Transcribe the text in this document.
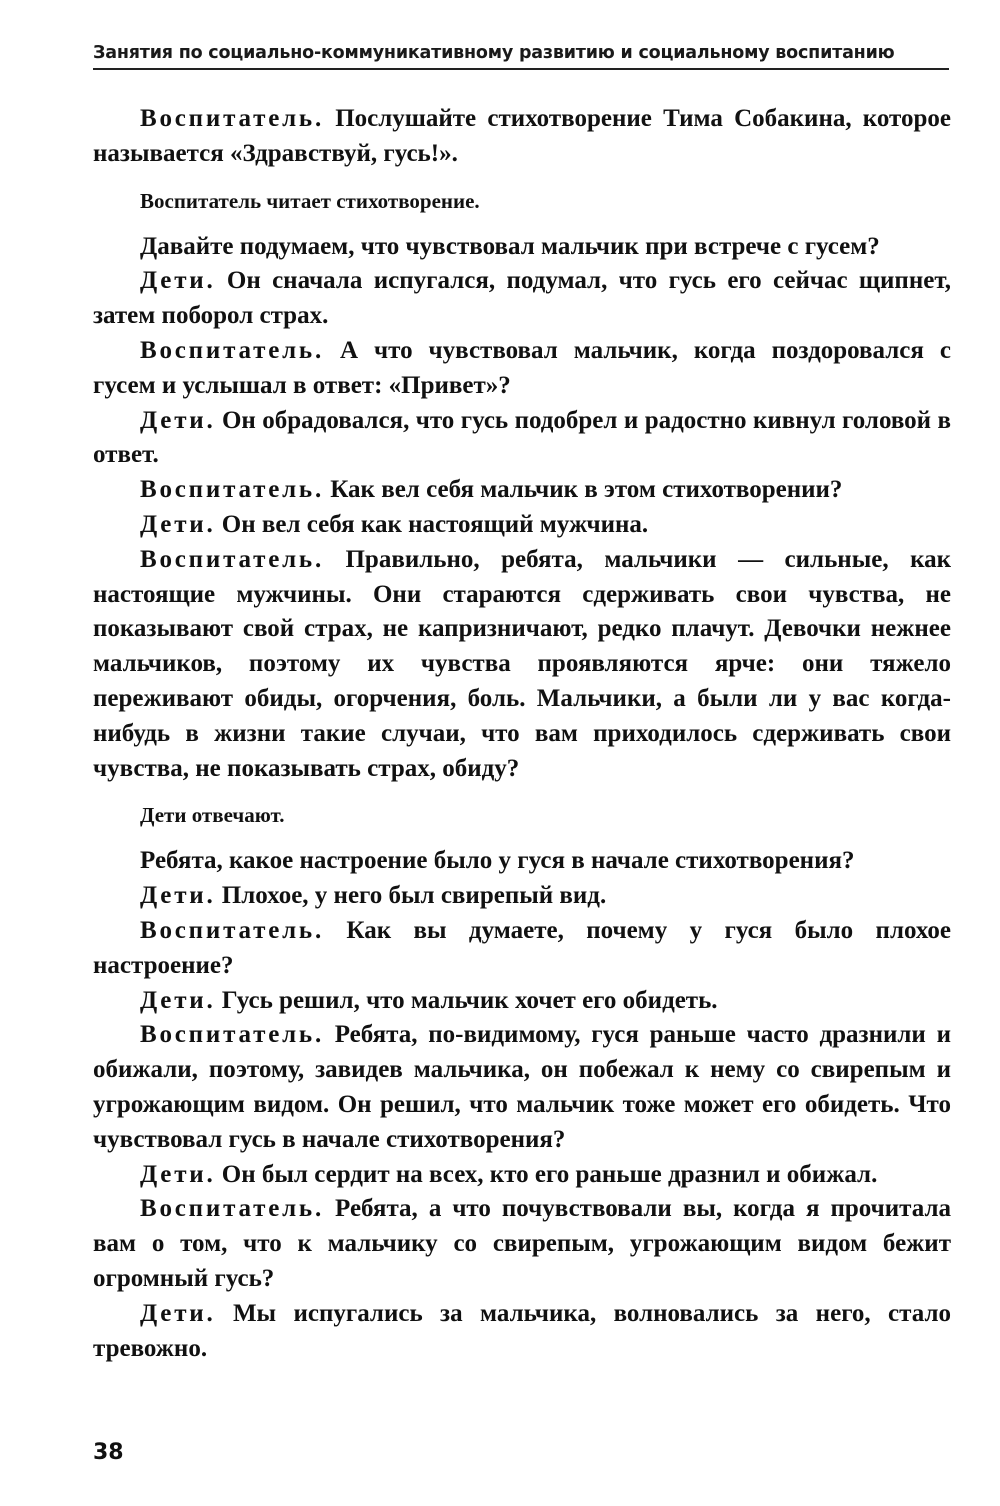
Занятия по социально-коммуникативному развитию и социальному воспитанию

Воспитатель. Послушайте стихотворение Тима Собакина, которое называется «Здравствуй, гусь!».

Воспитатель читает стихотворение.

Давайте подумаем, что чувствовал мальчик при встрече с гусем?

Дети. Он сначала испугался, подумал, что гусь его сейчас щипнет, затем поборол страх.

Воспитатель. А что чувствовал мальчик, когда поздоровался с гусем и услышал в ответ: «Привет»?

Дети. Он обрадовался, что гусь подобрел и радостно кивнул головой в ответ.

Воспитатель. Как вел себя мальчик в этом стихотворении?

Дети. Он вел себя как настоящий мужчина.

Воспитатель. Правильно, ребята, мальчики — сильные, как настоящие мужчины. Они стараются сдерживать свои чувства, не показывают свой страх, не капризничают, редко плачут. Девочки нежнее мальчиков, поэтому их чувства проявляются ярче: они тяжело переживают обиды, огорчения, боль. Мальчики, а были ли у вас когда-нибудь в жизни такие случаи, что вам приходилось сдерживать свои чувства, не показывать страх, обиду?

Дети отвечают.

Ребята, какое настроение было у гуся в начале стихотворения?

Дети. Плохое, у него был свирепый вид.

Воспитатель. Как вы думаете, почему у гуся было плохое настроение?

Дети. Гусь решил, что мальчик хочет его обидеть.

Воспитатель. Ребята, по-видимому, гуся раньше часто дразнили и обижали, поэтому, завидев мальчика, он побежал к нему со свирепым и угрожающим видом. Он решил, что мальчик тоже может его обидеть. Что чувствовал гусь в начале стихотворения?

Дети. Он был сердит на всех, кто его раньше дразнил и обижал.

Воспитатель. Ребята, а что почувствовали вы, когда я прочитала вам о том, что к мальчику со свирепым, угрожающим видом бежит огромный гусь?

Дети. Мы испугались за мальчика, волновались за него, стало тревожно.

38
